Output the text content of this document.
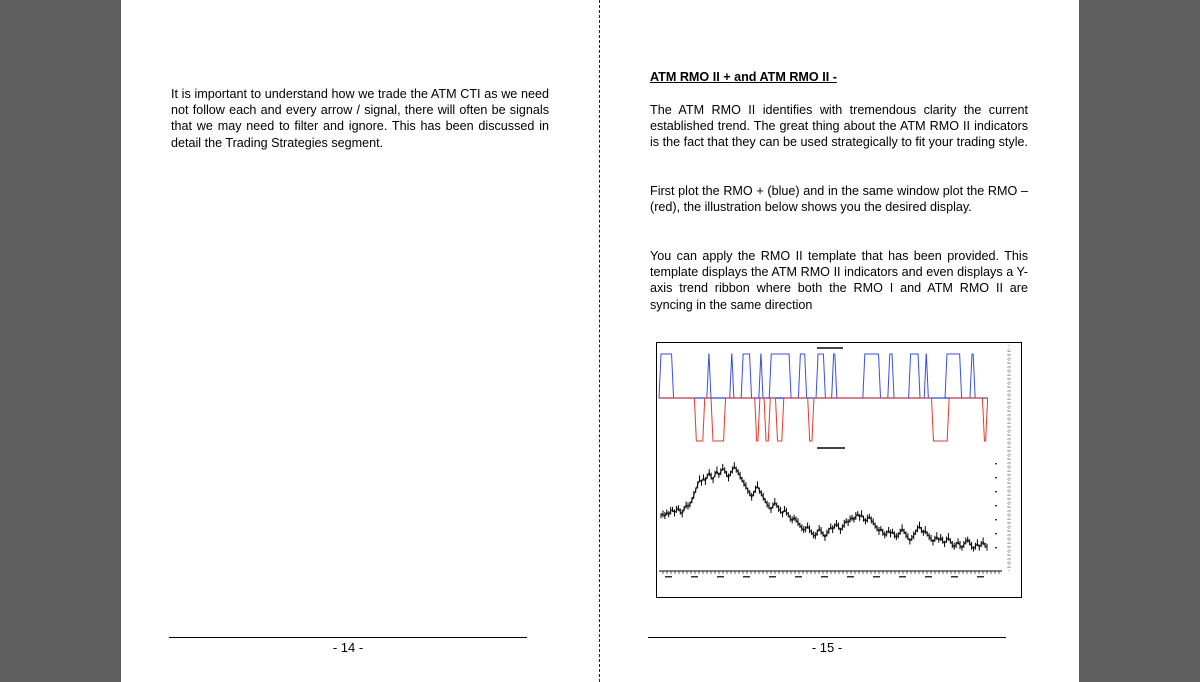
It is important to understand how we trade the ATM CTI as we need not follow each and every arrow / signal, there will often be signals that we may need to filter and ignore. This has been discussed in detail the Trading Strategies segment.

- 14 -
ATM RMO II + and ATM RMO II -

The ATM RMO II identifies with tremendous clarity the current established trend. The great thing about the ATM RMO II indicators is the fact that they can be used strategically to fit your trading style.

First plot the RMO + (blue) and in the same window plot the RMO – (red), the illustration below shows you the desired display.

You can apply the RMO II template that has been provided. This template displays the ATM RMO II indicators and even displays a Y-axis trend ribbon where both the RMO I and ATM RMO II are syncing in the same direction

- 15 -
